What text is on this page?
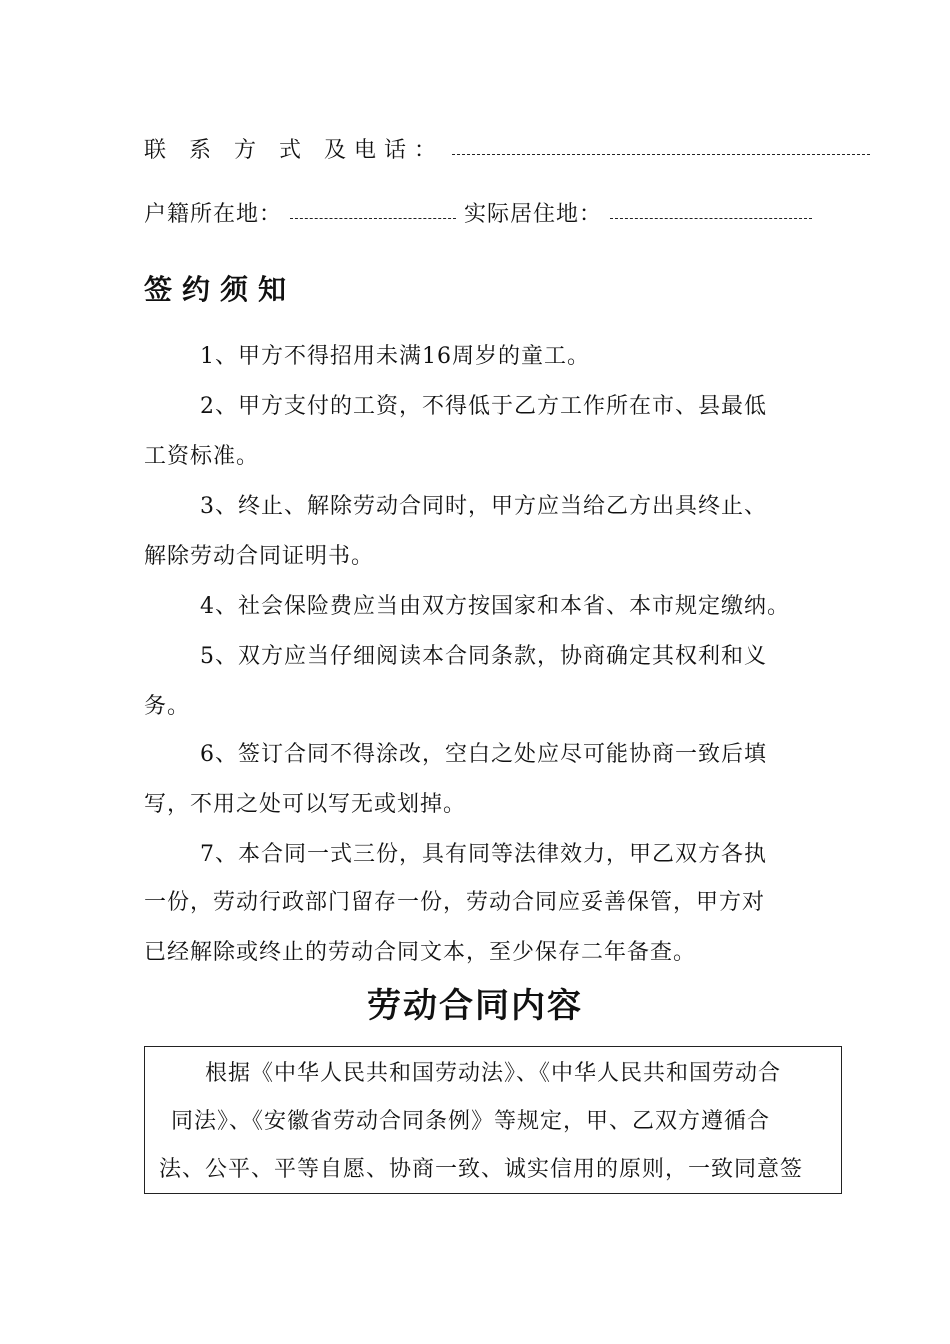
联 系 方 式 及电话：
户籍所在地：	实际居住地：
签约须知
1、甲方不得招用未满16周岁的童工。
2、甲方支付的工资，不得低于乙方工作所在市、县最低
工资标准。
3、终止、解除劳动合同时，甲方应当给乙方出具终止、
解除劳动合同证明书。
4、社会保险费应当由双方按国家和本省、本市规定缴纳。
5、双方应当仔细阅读本合同条款，协商确定其权利和义
务。
6、签订合同不得涂改，空白之处应尽可能协商一致后填
写，不用之处可以写无或划掉。
7、本合同一式三份，具有同等法律效力，甲乙双方各执
一份，劳动行政部门留存一份，劳动合同应妥善保管，甲方对
已经解除或终止的劳动合同文本，至少保存二年备查。
劳动合同内容
根据《中华人民共和国劳动法》、《中华人民共和国劳动合
同法》、《安徽省劳动合同条例》等规定，甲、乙双方遵循合
法、公平、平等自愿、协商一致、诚实信用的原则，一致同意签
